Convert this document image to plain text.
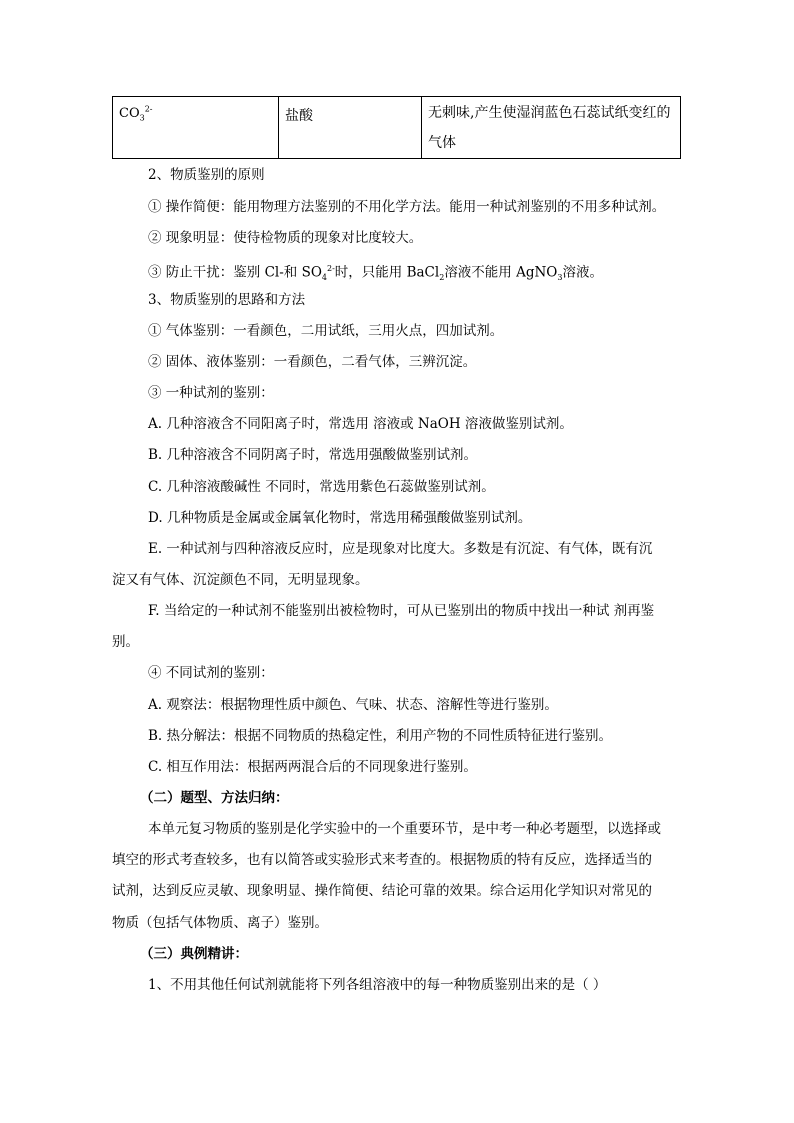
$CO_3^{2-}$	盐酸	无刺味,产生使湿润蓝色石蕊试纸变红的气体
2、物质鉴别的原则
① 操作简便：能用物理方法鉴别的不用化学方法。能用一种试剂鉴别的不用多种试剂。
② 现象明显：使待检物质的现象对比度较大。
③ 防止干扰：鉴别 Cl-和 $SO_4^{2-}$时，只能用 BaCl$_2$溶液不能用 AgNO$_3$溶液。
3、物质鉴别的思路和方法
① 气体鉴别：一看颜色，二用试纸，三用火点，四加试剂。
② 固体、液体鉴别：一看颜色，二看气体，三辨沉淀。
③ 一种试剂的鉴别：
A. 几种溶液含不同阳离子时，常选用 溶液或 NaOH 溶液做鉴别试剂。
B. 几种溶液含不同阴离子时，常选用强酸做鉴别试剂。
C. 几种溶液酸碱性 不同时，常选用紫色石蕊做鉴别试剂。
D. 几种物质是金属或金属氧化物时，常选用稀强酸做鉴别试剂。
E. 一种试剂与四种溶液反应时，应是现象对比度大。多数是有沉淀、有气体，既有沉
淀又有气体、沉淀颜色不同，无明显现象。
F. 当给定的一种试剂不能鉴别出被检物时，可从已鉴别出的物质中找出一种试 剂再鉴
别。
④ 不同试剂的鉴别：
A. 观察法：根据物理性质中颜色、气味、状态、溶解性等进行鉴别。
B. 热分解法：根据不同物质的热稳定性，利用产物的不同性质特征进行鉴别。
C. 相互作用法：根据两两混合后的不同现象进行鉴别。
（二）题型、方法归纳：
本单元复习物质的鉴别是化学实验中的一个重要环节，是中考一种必考题型，以选择或
填空的形式考查较多，也有以简答或实验形式来考查的。根据物质的特有反应，选择适当的
试剂，达到反应灵敏、现象明显、操作简便、结论可靠的效果。综合运用化学知识对常见的
物质（包括气体物质、离子）鉴别。
（三）典例精讲：
1、不用其他任何试剂就能将下列各组溶液中的每一种物质鉴别出来的是（ ）
